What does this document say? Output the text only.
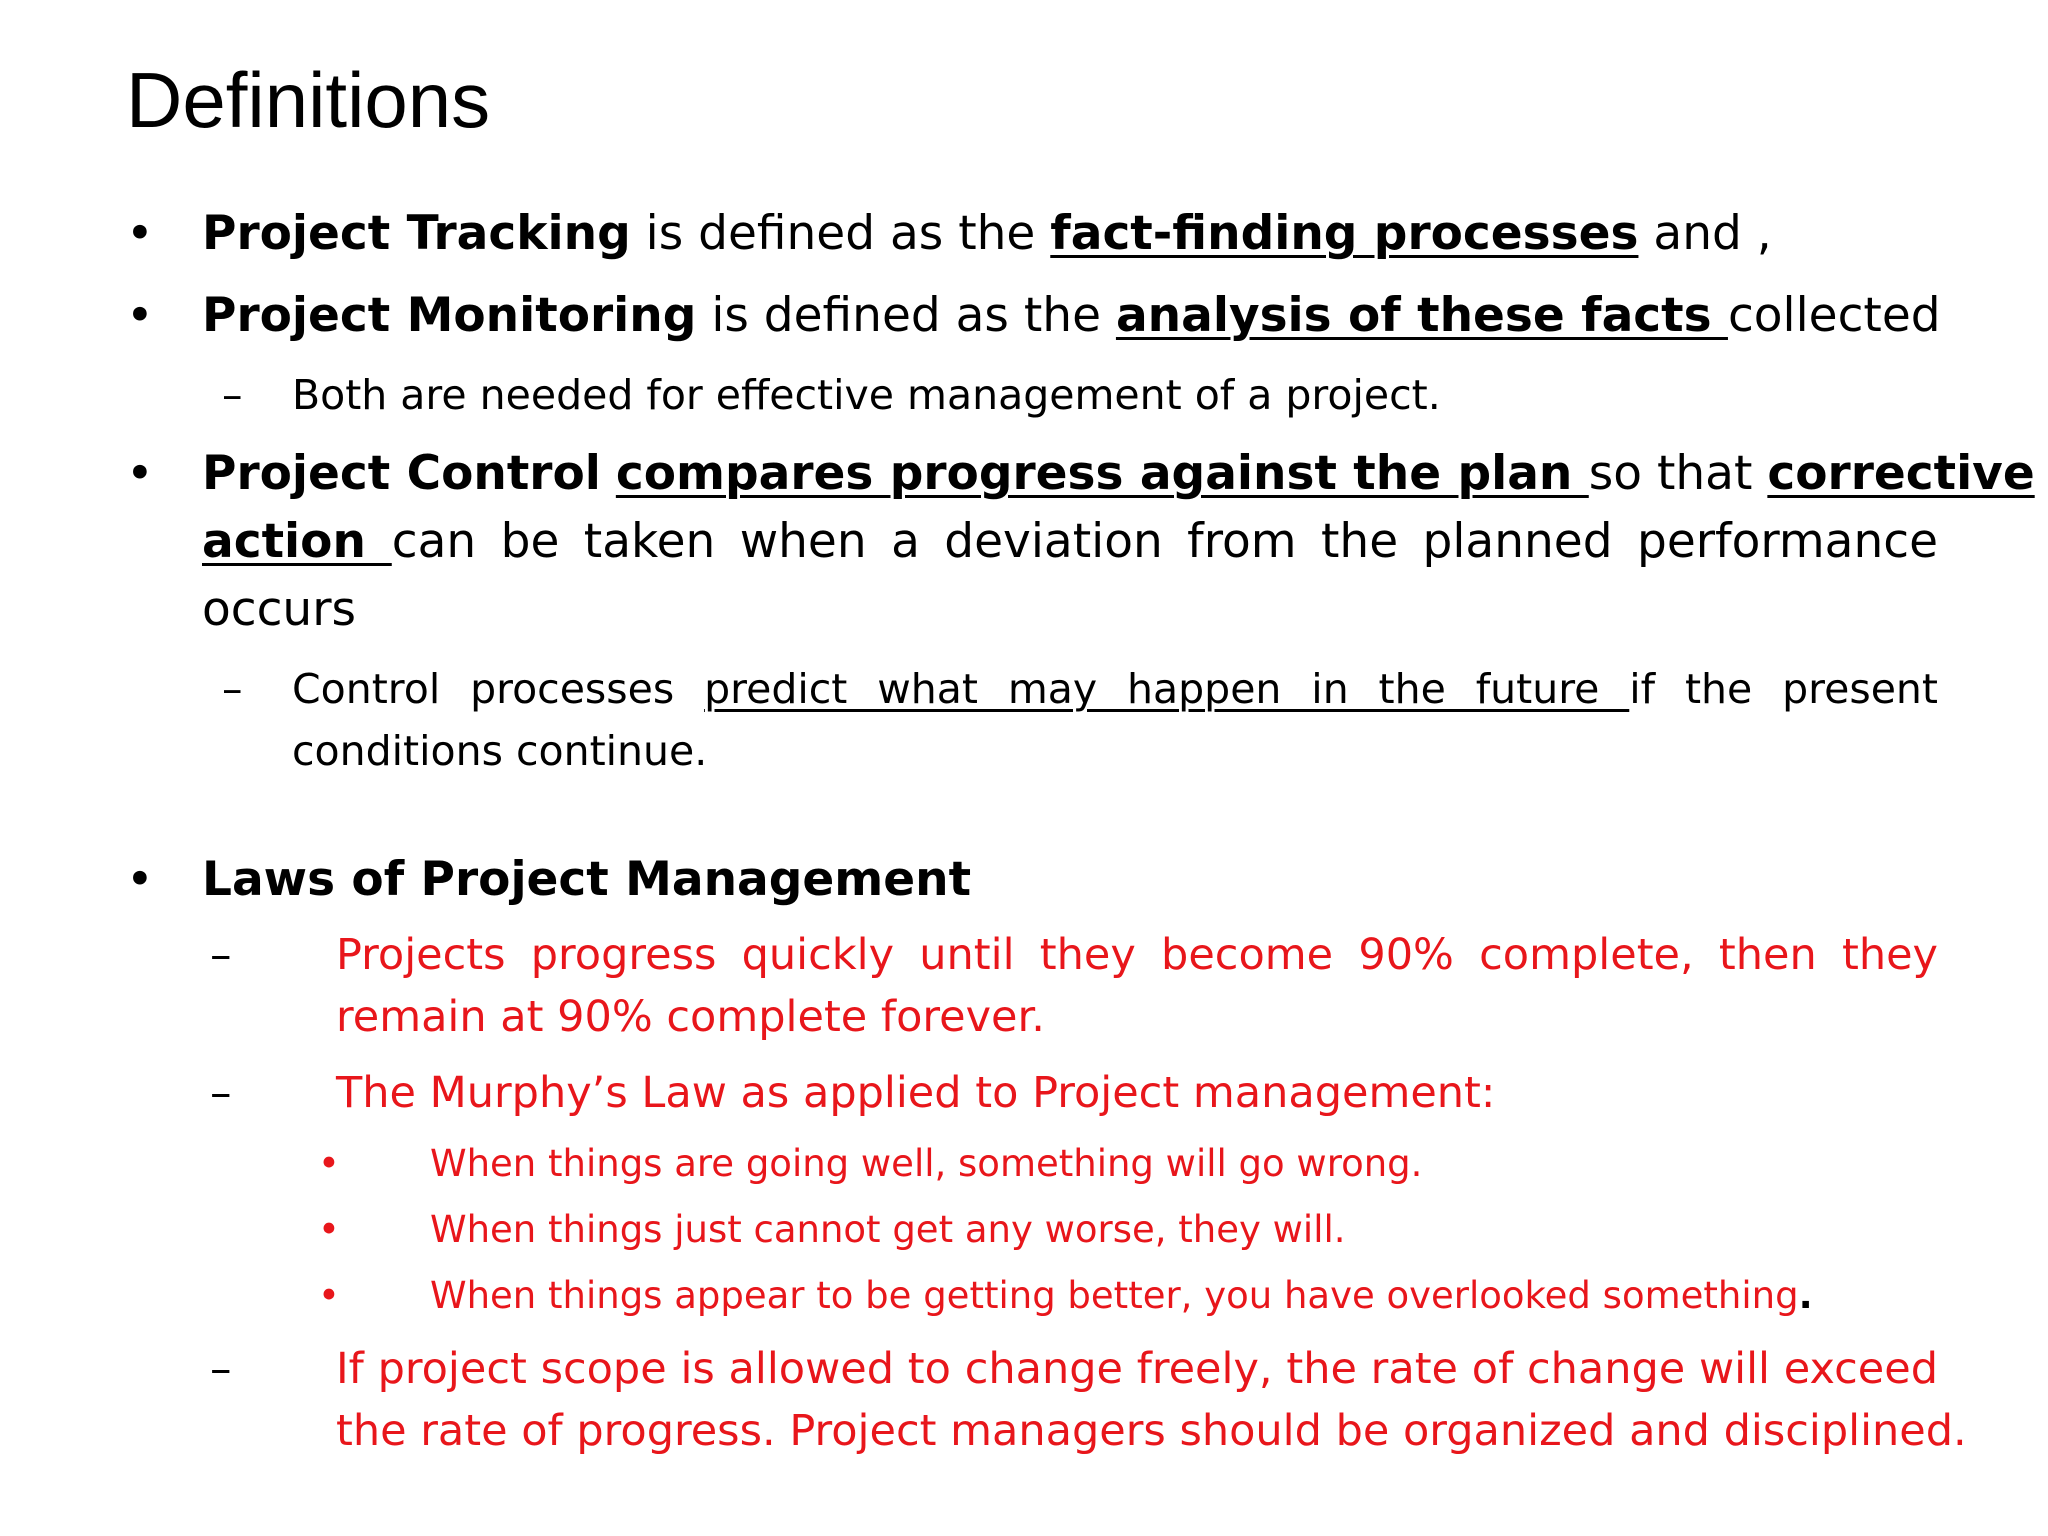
Definitions
• Project Tracking is defined as the fact-finding processes and ,
• Project Monitoring is defined as the analysis of these facts collected
– Both are needed for effective management of a project.
• Project Control compares progress against the plan so that corrective
action can be taken when a deviation from the planned performance
occurs
– Control processes predict what may happen in the future if the present
conditions continue.
• Laws of Project Management
– Projects progress quickly until they become 90% complete, then they
remain at 90% complete forever.
– The Murphy’s Law as applied to Project management:
• When things are going well, something will go wrong.
• When things just cannot get any worse, they will.
• When things appear to be getting better, you have overlooked something.
– If project scope is allowed to change freely, the rate of change will exceed
the rate of progress. Project managers should be organized and disciplined.
